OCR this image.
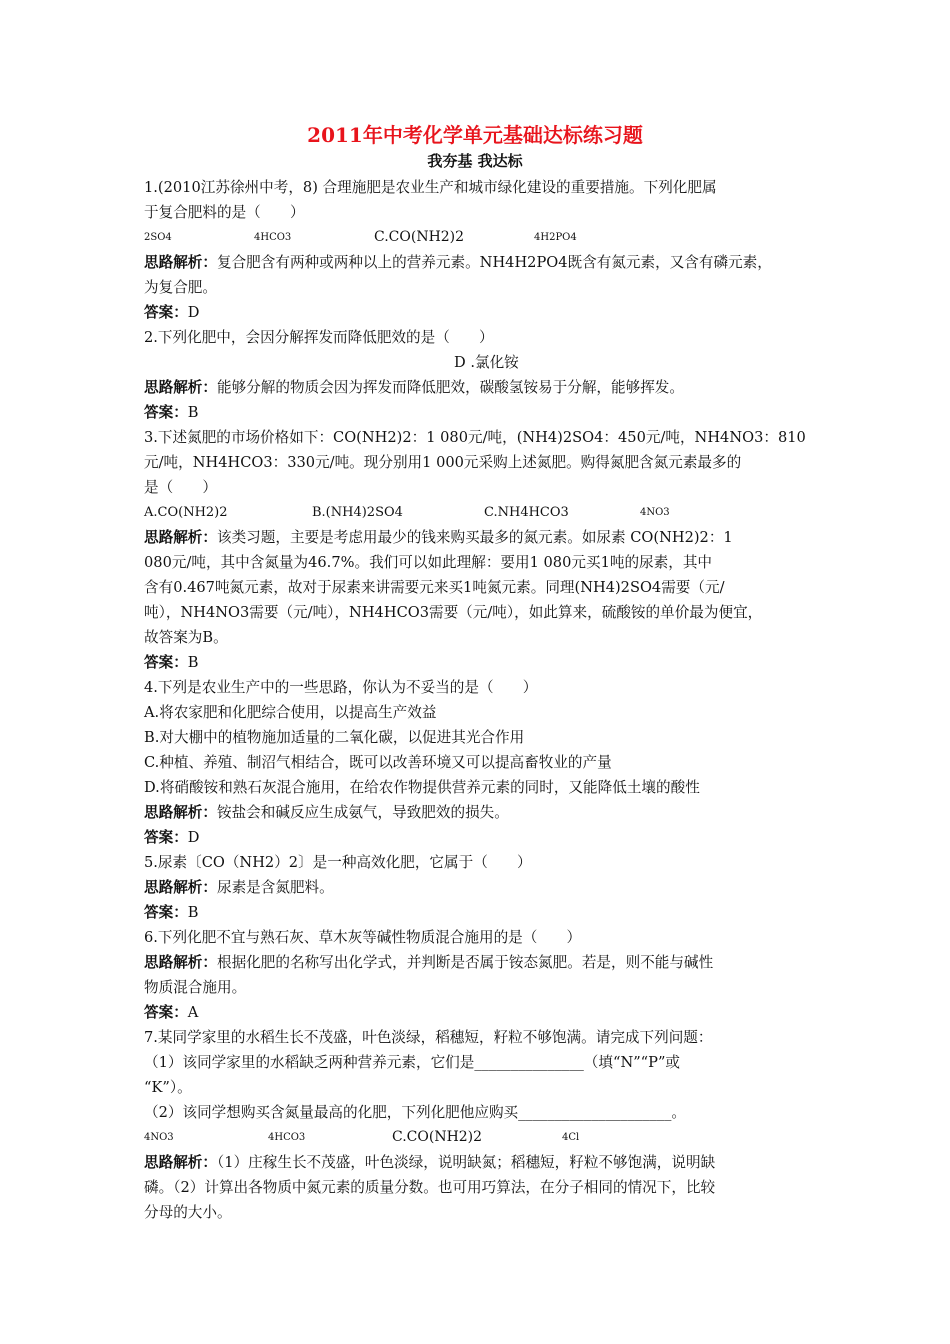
2011年中考化学单元基础达标练习题
我夯基 我达标
1.(2010江苏徐州中考，8) 合理施肥是农业生产和城市绿化建设的重要措施。下列化肥属
于复合肥料的是（　　）
2SO4	4HCO3	C.CO(NH2)2	4H2PO4
思路解析：复合肥含有两种或两种以上的营养元素。NH4H2PO4既含有氮元素，又含有磷元素，
为复合肥。
答案：D
2.下列化肥中，会因分解挥发而降低肥效的是（　　）
D .氯化铵
思路解析：能够分解的物质会因为挥发而降低肥效，碳酸氢铵易于分解，能够挥发。
答案：B
3.下述氮肥的市场价格如下：CO(NH2)2：1 080元/吨，(NH4)2SO4：450元/吨，NH4NO3：810
元/吨，NH4HCO3：330元/吨。现分别用1 000元采购上述氮肥。购得氮肥含氮元素最多的
是（　　）
A.CO(NH2)2	B.(NH4)2SO4	C.NH4HCO3	4NO3
思路解析：该类习题，主要是考虑用最少的钱来购买最多的氮元素。如尿素 CO(NH2)2：1
080元/吨，其中含氮量为46.7%。我们可以如此理解：要用1 080元买1吨的尿素，其中
含有0.467吨氮元素，故对于尿素来讲需要元来买1吨氮元素。同理(NH4)2SO4需要（元/
吨），NH4NO3需要（元/吨），NH4HCO3需要（元/吨），如此算来，硫酸铵的单价最为便宜，
故答案为B。
答案：B
4.下列是农业生产中的一些思路，你认为不妥当的是（　　）
A.将农家肥和化肥综合使用，以提高生产效益
B.对大棚中的植物施加适量的二氧化碳，以促进其光合作用
C.种植、养殖、制沼气相结合，既可以改善环境又可以提高畜牧业的产量
D.将硝酸铵和熟石灰混合施用，在给农作物提供营养元素的同时，又能降低土壤的酸性
思路解析：铵盐会和碱反应生成氨气，导致肥效的损失。
答案：D
5.尿素〔CO（NH2）2〕是一种高效化肥，它属于（　　）
思路解析：尿素是含氮肥料。
答案：B
6.下列化肥不宜与熟石灰、草木灰等碱性物质混合施用的是（　　）
思路解析：根据化肥的名称写出化学式，并判断是否属于铵态氮肥。若是，则不能与碱性
物质混合施用。
答案：A
7.某同学家里的水稻生长不茂盛，叶色淡绿，稻穗短，籽粒不够饱满。请完成下列问题：
（1）该同学家里的水稻缺乏两种营养元素，它们是_______________（填“N”“P”或
“K”）。
（2）该同学想购买含氮量最高的化肥，下列化肥他应购买_____________________。
4NO3	4HCO3	C.CO(NH2)2	4Cl
思路解析：（1）庄稼生长不茂盛，叶色淡绿，说明缺氮；稻穗短，籽粒不够饱满，说明缺
磷。（2）计算出各物质中氮元素的质量分数。也可用巧算法，在分子相同的情况下，比较
分母的大小。
